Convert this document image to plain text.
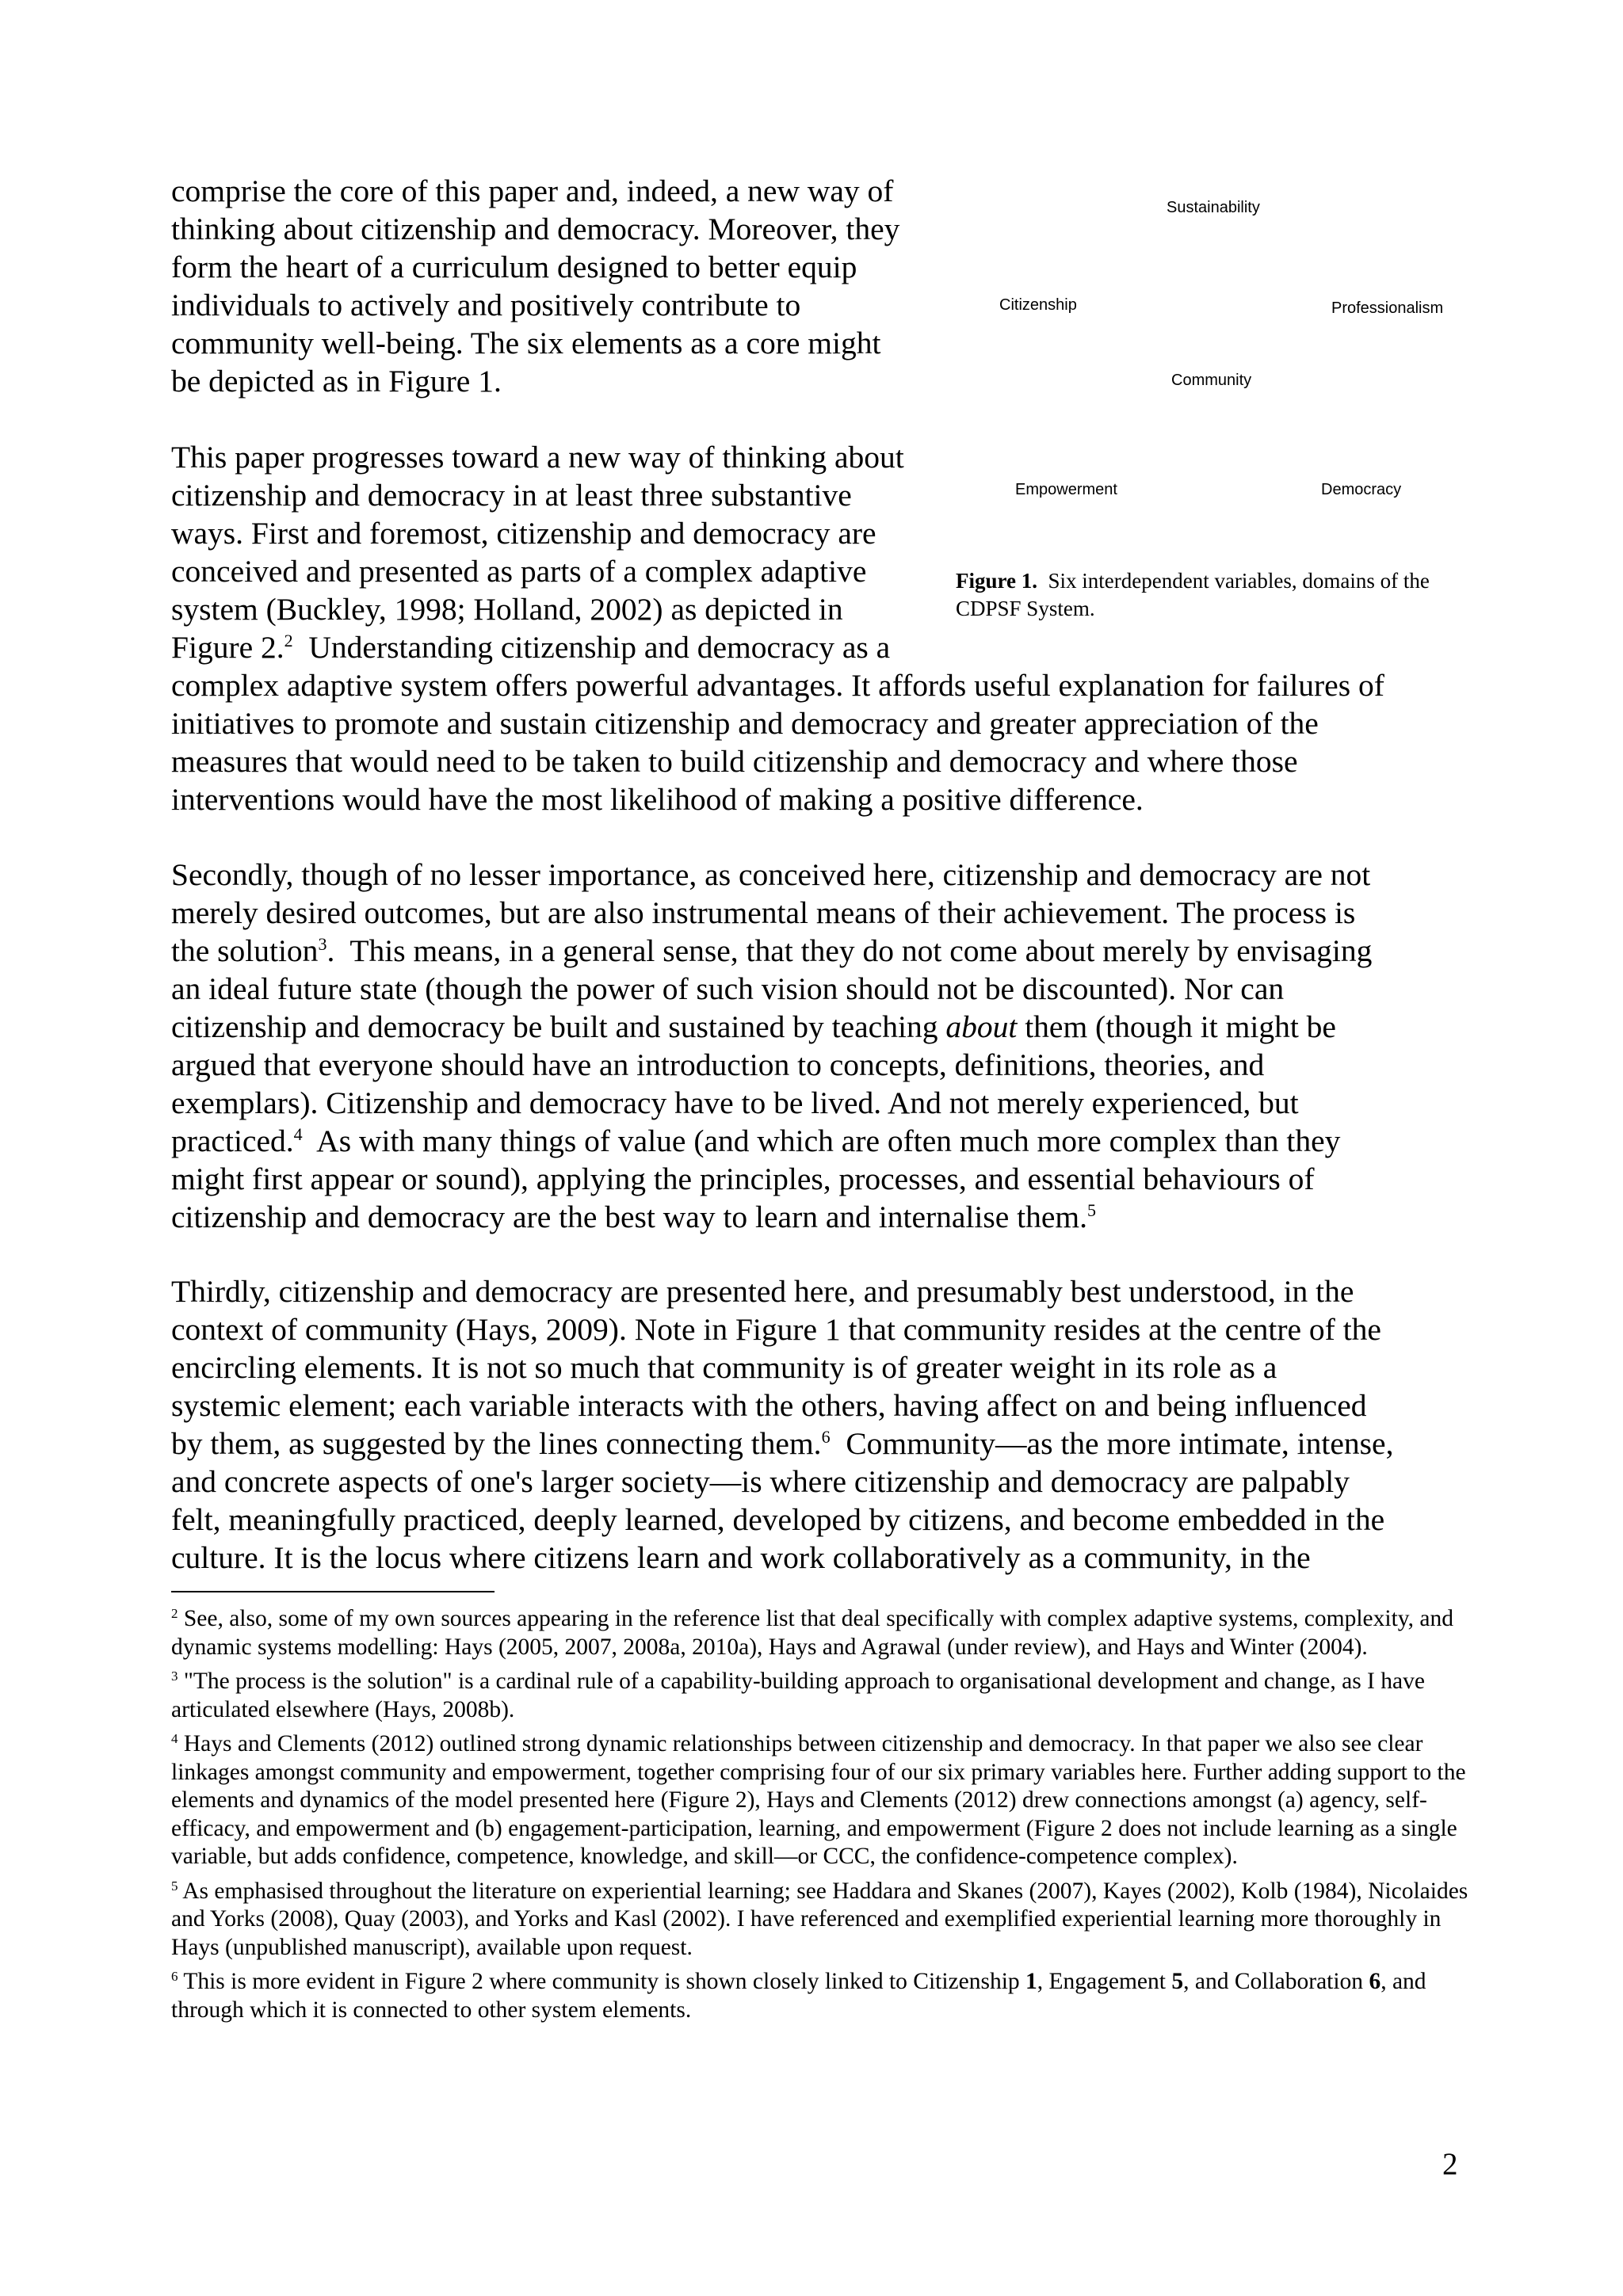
comprise the core of this paper and, indeed, a new way of
thinking about citizenship and democracy. Moreover, they
form the heart of a curriculum designed to better equip
individuals to actively and positively contribute to
community well-being. The six elements as a core might
be depicted as in Figure 1.
This paper progresses toward a new way of thinking about
citizenship and democracy in at least three substantive
ways. First and foremost, citizenship and democracy are
conceived and presented as parts of a complex adaptive
system (Buckley, 1998; Holland, 2002) as depicted in
Figure 2.$^2$  Understanding citizenship and democracy as a
complex adaptive system offers powerful advantages. It affords useful explanation for failures of
initiatives to promote and sustain citizenship and democracy and greater appreciation of the
measures that would need to be taken to build citizenship and democracy and where those
interventions would have the most likelihood of making a positive difference.
Secondly, though of no lesser importance, as conceived here, citizenship and democracy are not
merely desired outcomes, but are also instrumental means of their achievement. The process is
the solution$^3$.  This means, in a general sense, that they do not come about merely by envisaging
an ideal future state (though the power of such vision should not be discounted). Nor can
citizenship and democracy be built and sustained by teaching about them (though it might be
argued that everyone should have an introduction to concepts, definitions, theories, and
exemplars). Citizenship and democracy have to be lived. And not merely experienced, but
practiced.$^4$  As with many things of value (and which are often much more complex than they
might first appear or sound), applying the principles, processes, and essential behaviours of
citizenship and democracy are the best way to learn and internalise them.$^5$
Thirdly, citizenship and democracy are presented here, and presumably best understood, in the
context of community (Hays, 2009). Note in Figure 1 that community resides at the centre of the
encircling elements. It is not so much that community is of greater weight in its role as a
systemic element; each variable interacts with the others, having affect on and being influenced
by them, as suggested by the lines connecting them.$^6$  Community—as the more intimate, intense,
and concrete aspects of one's larger society—is where citizenship and democracy are palpably
felt, meaningfully practiced, deeply learned, developed by citizens, and become embedded in the
culture. It is the locus where citizens learn and work collaboratively as a community, in the
Sustainability
Citizenship	Professionalism
Community
Empowerment	Democracy
Figure 1.  Six interdependent variables, domains of the CDPSF System.
$^2$ See, also, some of my own sources appearing in the reference list that deal specifically with complex adaptive systems, complexity, and dynamic systems modelling: Hays (2005, 2007, 2008a, 2010a), Hays and Agrawal (under review), and Hays and Winter (2004).
$^3$ "The process is the solution" is a cardinal rule of a capability-building approach to organisational development and change, as I have articulated elsewhere (Hays, 2008b).
$^4$ Hays and Clements (2012) outlined strong dynamic relationships between citizenship and democracy. In that paper we also see clear linkages amongst community and empowerment, together comprising four of our six primary variables here. Further adding support to the elements and dynamics of the model presented here (Figure 2), Hays and Clements (2012) drew connections amongst (a) agency, self-efficacy, and empowerment and (b) engagement-participation, learning, and empowerment (Figure 2 does not include learning as a single variable, but adds confidence, competence, knowledge, and skill—or CCC, the confidence-competence complex).
$^5$ As emphasised throughout the literature on experiential learning; see Haddara and Skanes (2007), Kayes (2002), Kolb (1984), Nicolaides and Yorks (2008), Quay (2003), and Yorks and Kasl (2002). I have referenced and exemplified experiential learning more thoroughly in Hays (unpublished manuscript), available upon request.
$^6$ This is more evident in Figure 2 where community is shown closely linked to Citizenship 1, Engagement 5, and Collaboration 6, and through which it is connected to other system elements.
2
